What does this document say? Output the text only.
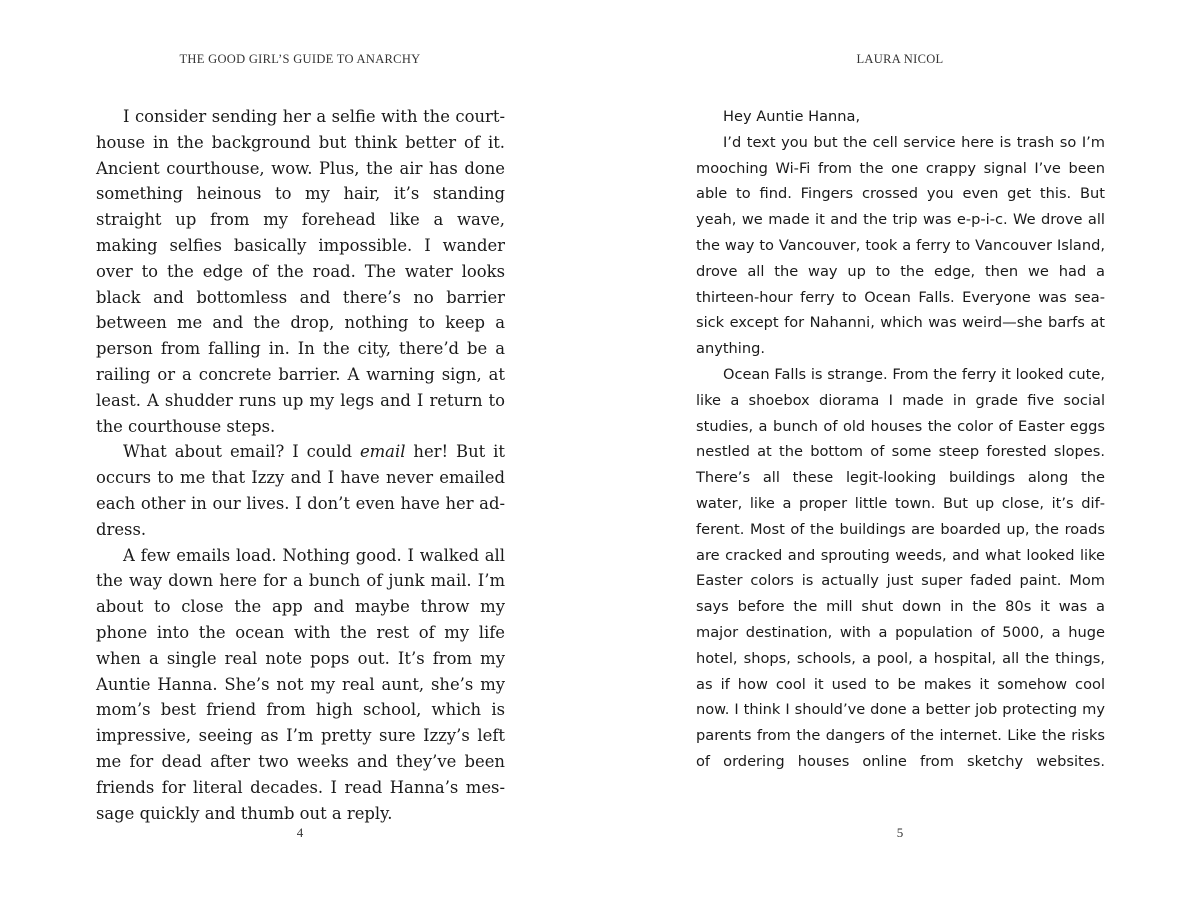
THE GOOD GIRL’S GUIDE TO ANARCHY

I consider sending her a selfie with the courthouse in the background but think better of it. Ancient courthouse, wow. Plus, the air has done something heinous to my hair, it’s standing straight up from my forehead like a wave, making selfies basically impossible. I wander over to the edge of the road. The water looks black and bottomless and there’s no barrier between me and the drop, nothing to keep a person from falling in. In the city, there’d be a railing or a concrete barrier. A warning sign, at least. A shudder runs up my legs and I return to the courthouse steps.

What about email? I could email her! But it occurs to me that Izzy and I have never emailed each other in our lives. I don’t even have her address.

A few emails load. Nothing good. I walked all the way down here for a bunch of junk mail. I’m about to close the app and maybe throw my phone into the ocean with the rest of my life when a single real note pops out. It’s from my Auntie Hanna. She’s not my real aunt, she’s my mom’s best friend from high school, which is impressive, seeing as I’m pretty sure Izzy’s left me for dead after two weeks and they’ve been friends for literal decades. I read Hanna’s message quickly and thumb out a reply.

4
LAURA NICOL
5

Hey Auntie Hanna,

I’d text you but the cell service here is trash so I’m mooching Wi-Fi from the one crappy signal I’ve been able to find. Fingers crossed you even get this. But yeah, we made it and the trip was e-p-i-c. We drove all the way to Vancouver, took a ferry to Vancouver Island, drove all the way up to the edge, then we had a thirteen-hour ferry to Ocean Falls. Everyone was seasick except for Nahanni, which was weird—she barfs at anything.

Ocean Falls is strange. From the ferry it looked cute, like a shoebox diorama I made in grade five social studies, a bunch of old houses the color of Easter eggs nestled at the bottom of some steep forested slopes. There’s all these legit-looking buildings along the water, like a proper little town. But up close, it’s different. Most of the buildings are boarded up, the roads are cracked and sprouting weeds, and what looked like Easter colors is actually just super faded paint. Mom says before the mill shut down in the 80s it was a major destination, with a population of 5000, a huge hotel, shops, schools, a pool, a hospital, all the things, as if how cool it used to be makes it somehow cool now. I think I should’ve done a better job protecting my parents from the dangers of the internet. Like the risks of ordering houses online from sketchy websites.
